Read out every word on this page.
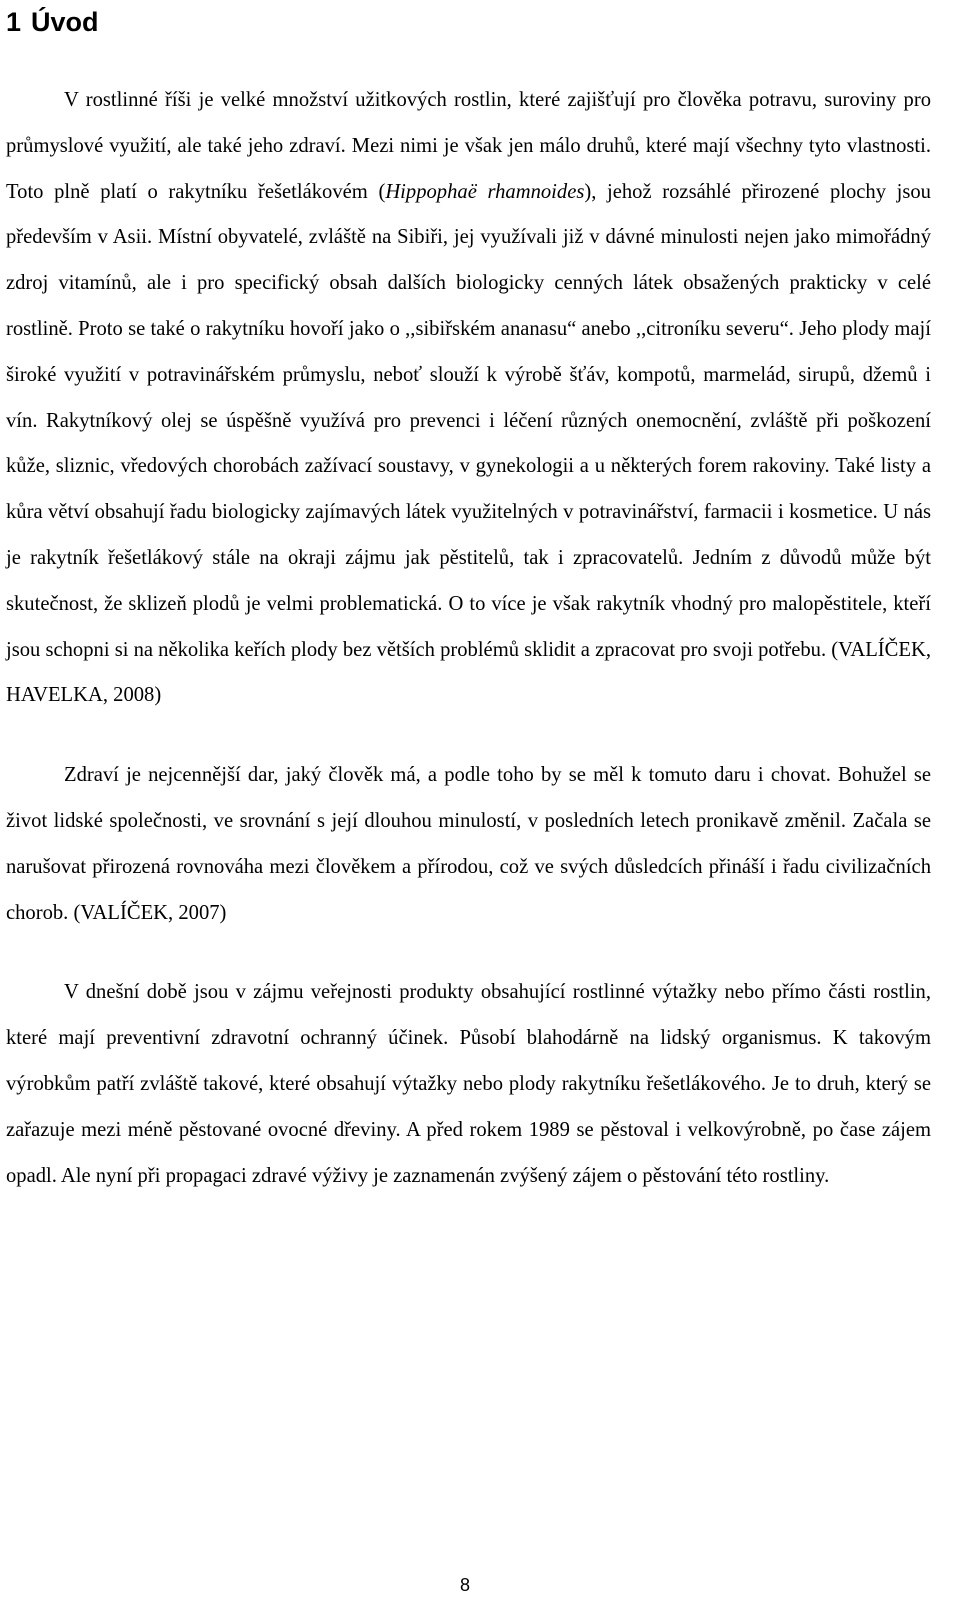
1 Úvod

V rostlinné říši je velké množství užitkových rostlin, které zajišťují pro člověka potravu, suroviny pro průmyslové využití, ale také jeho zdraví. Mezi nimi je však jen málo druhů, které mají všechny tyto vlastnosti. Toto plně platí o rakytníku řešetlákovém (Hippophaë rhamnoides), jehož rozsáhlé přirozené plochy jsou především v Asii. Místní obyvatelé, zvláště na Sibiři, jej využívali již v dávné minulosti nejen jako mimořádný zdroj vitamínů, ale i pro specifický obsah dalších biologicky cenných látek obsažených prakticky v celé rostlině. Proto se také o rakytníku hovoří jako o ,,sibiřském ananasu“ anebo ,,citroníku severu“. Jeho plody mají široké využití v potravinářském průmyslu, neboť slouží k výrobě šťáv, kompotů, marmelád, sirupů, džemů i vín. Rakytníkový olej se úspěšně využívá pro prevenci i léčení různých onemocnění, zvláště při poškození kůže, sliznic, vředových chorobách zažívací soustavy, v gynekologii a u některých forem rakoviny. Také listy a kůra větví obsahují řadu biologicky zajímavých látek využitelných v potravinářství, farmacii i kosmetice. U nás je rakytník řešetlákový stále na okraji zájmu jak pěstitelů, tak i zpracovatelů. Jedním z důvodů může být skutečnost, že sklizeň plodů je velmi problematická. O to více je však rakytník vhodný pro malopěstitele, kteří jsou schopni si na několika keřích plody bez větších problémů sklidit a zpracovat pro svoji potřebu. (VALÍČEK, HAVELKA, 2008)

Zdraví je nejcennější dar, jaký člověk má, a podle toho by se měl k tomuto daru i chovat. Bohužel se život lidské společnosti, ve srovnání s její dlouhou minulostí, v posledních letech pronikavě změnil. Začala se narušovat přirozená rovnováha mezi člověkem a přírodou, což ve svých důsledcích přináší i řadu civilizačních chorob. (VALÍČEK, 2007)

V dnešní době jsou v zájmu veřejnosti produkty obsahující rostlinné výtažky nebo přímo části rostlin, které mají preventivní zdravotní ochranný účinek. Působí blahodárně na lidský organismus. K takovým výrobkům patří zvláště takové, které obsahují výtažky nebo plody rakytníku řešetlákového. Je to druh, který se zařazuje mezi méně pěstované ovocné dřeviny. A před rokem 1989 se pěstoval i velkovýrobně, po čase zájem opadl. Ale nyní při propagaci zdravé výživy je zaznamenán zvýšený zájem o pěstování této rostliny.

8
